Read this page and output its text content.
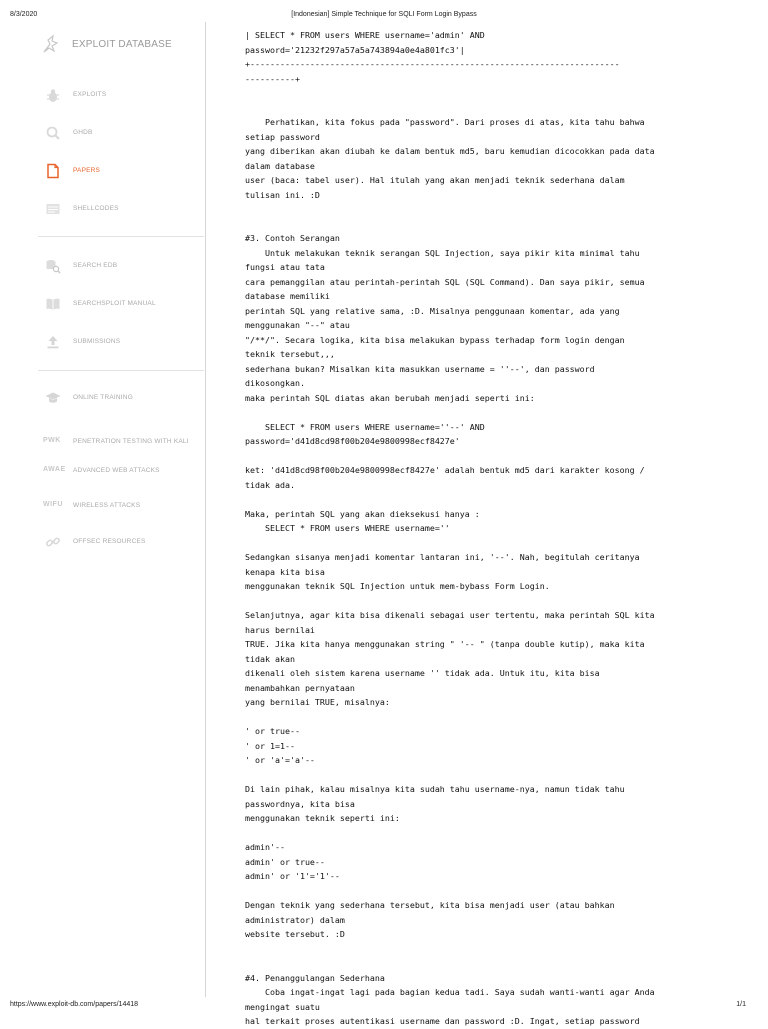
8/3/2020	[Indonesian] Simple Technique for SQLI Form Login Bypass
EXPLOIT DATABASE
EXPLOITS
GHDB
PAPERS
SHELLCODES
SEARCH EDB
SEARCHSPLOIT MANUAL
SUBMISSIONS
ONLINE TRAINING
PWK PENETRATION TESTING WITH KALI
AWAE ADVANCED WEB ATTACKS
WIFU WIRELESS ATTACKS
OFFSEC RESOURCES
| SELECT * FROM users WHERE username='admin' AND
password='21232f297a57a5a743894a0e4a801fc3'|
+--------------------------------------------------------------------------
----------+

Perhatikan, kita fokus pada "password". Dari proses di atas, kita tahu bahwa
setiap password
yang diberikan akan diubah ke dalam bentuk md5, baru kemudian dicocokkan pada data
dalam database
user (baca: tabel user). Hal itulah yang akan menjadi teknik sederhana dalam
tulisan ini. :D

#3. Contoh Serangan
Untuk melakukan teknik serangan SQL Injection, saya pikir kita minimal tahu
fungsi atau tata
cara pemanggilan atau perintah-perintah SQL (SQL Command). Dan saya pikir, semua
database memiliki
perintah SQL yang relative sama, :D. Misalnya penggunaan komentar, ada yang
menggunakan "--" atau
"/**/". Secara logika, kita bisa melakukan bypass terhadap form login dengan
teknik tersebut,,,
sederhana bukan? Misalkan kita masukkan username = ''--', dan password
dikosongkan.
maka perintah SQL diatas akan berubah menjadi seperti ini:

SELECT * FROM users WHERE username=''--' AND
password='d41d8cd98f00b204e9800998ecf8427e'

ket: 'd41d8cd98f00b204e9800998ecf8427e' adalah bentuk md5 dari karakter kosong /
tidak ada.

Maka, perintah SQL yang akan dieksekusi hanya :
SELECT * FROM users WHERE username=''

Sedangkan sisanya menjadi komentar lantaran ini, '--'. Nah, begitulah ceritanya
kenapa kita bisa
menggunakan teknik SQL Injection untuk mem-bybass Form Login.

Selanjutnya, agar kita bisa dikenali sebagai user tertentu, maka perintah SQL kita
harus bernilai
TRUE. Jika kita hanya menggunakan string " '-- " (tanpa double kutip), maka kita
tidak akan
dikenali oleh sistem karena username '' tidak ada. Untuk itu, kita bisa
menambahkan pernyataan
yang bernilai TRUE, misalnya:

' or true--
' or 1=1--
' or 'a'='a'--

Di lain pihak, kalau misalnya kita sudah tahu username-nya, namun tidak tahu
passwordnya, kita bisa
menggunakan teknik seperti ini:

admin'--
admin' or true--
admin' or '1'='1'--

Dengan teknik yang sederhana tersebut, kita bisa menjadi user (atau bahkan
administrator) dalam
website tersebut. :D

#4. Penanggulangan Sederhana
Coba ingat-ingat lagi pada bagian kedua tadi. Saya sudah wanti-wanti agar Anda
mengingat suatu
hal terkait proses autentikasi username dan password :D. Ingat, setiap password
https://www.exploit-db.com/papers/14418	1/1
